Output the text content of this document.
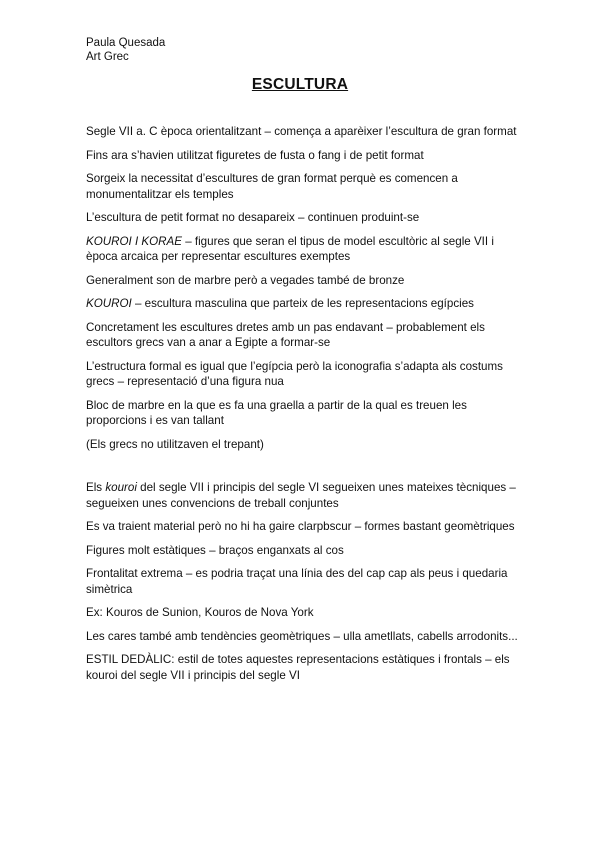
Paula Quesada
Art Grec
ESCULTURA

Segle VII a. C època orientalitzant – comença a aparèixer l’escultura de gran format

Fins ara s’havien utilitzat figuretes de fusta o fang i de petit format

Sorgeix la necessitat d’escultures de gran format perquè es comencen a monumentalitzar els temples

L’escultura de petit format no desapareix – continuen produint-se

KOUROI I KORAE – figures que seran el tipus de model escultòric al segle VII i època arcaica per representar escultures exemptes

Generalment son de marbre però a vegades també de bronze

KOUROI – escultura masculina que parteix de les representacions egípcies

Concretament les escultures dretes amb un pas endavant – probablement els escultors grecs van a anar a Egipte a formar-se

L’estructura formal es igual que l’egípcia però la iconografia s’adapta als costums grecs – representació d’una figura nua

Bloc de marbre en la que es fa una graella a partir de la qual es treuen les proporcions i es van tallant

(Els grecs no utilitzaven el trepant)

Els kouroi del segle VII i principis del segle VI segueixen unes mateixes tècniques – segueixen unes convencions de treball conjuntes

Es va traient material però no hi ha gaire clarpbscur – formes bastant geomètriques

Figures molt estàtiques – braços enganxats al cos

Frontalitat extrema – es podria traçat una línia des del cap cap als peus i quedaria simètrica

Ex: Kouros de Sunion, Kouros de Nova York

Les cares també amb tendències geomètriques – ulla ametllats, cabells arrodonits...

ESTIL DEDÀLIC: estil de totes aquestes representacions estàtiques i frontals – els kouroi del segle VII i principis del segle VI
